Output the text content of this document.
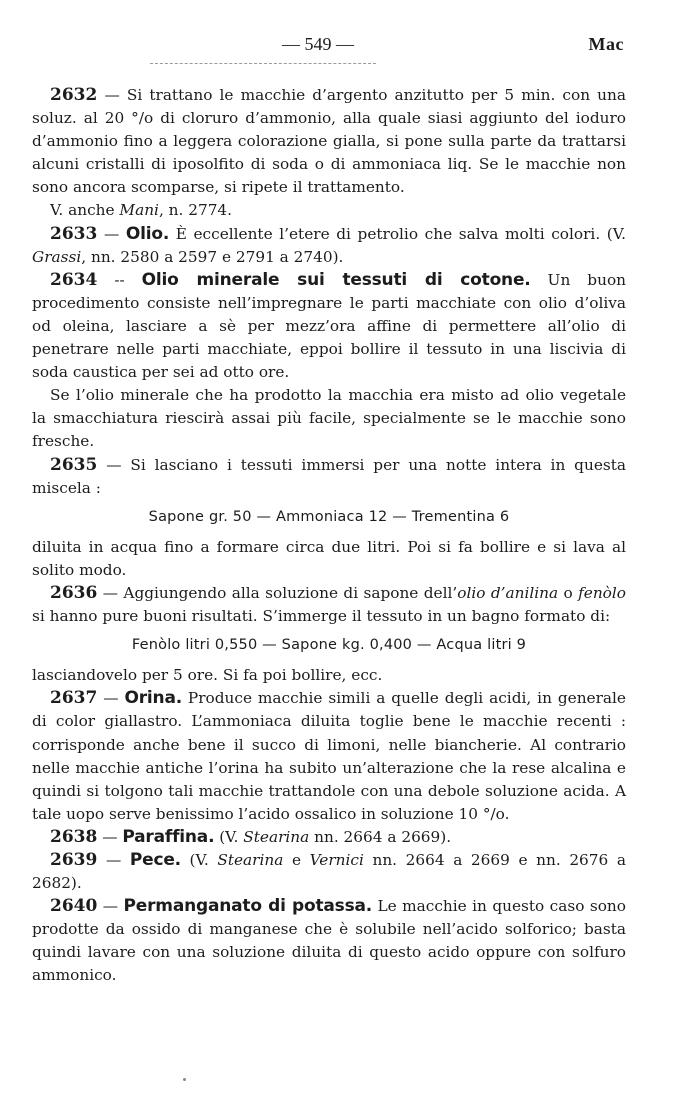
— 549 —	Mac

2632 — Si trattano le macchie d’argento anzitutto per 5 min. con una soluz. al 20 °/o di cloruro d’ammonio, alla quale siasi aggiunto del ioduro d’ammonio fino a leggera colorazione gialla, si pone sulla parte da trattarsi alcuni cristalli di iposolfito di soda o di ammoniaca liq. Se le macchie non sono ancora scomparse, si ripete il trattamento.

V. anche Mani, n. 2774.

2633 — Olio. È eccellente l’etere di petrolio che salva molti colori. (V. Grassi, nn. 2580 a 2597 e 2791 a 2740).

2634 -- Olio minerale sui tessuti di cotone. Un buon procedimento consiste nell’impregnare le parti macchiate con olio d’oliva od oleina, lasciare a sè per mezz’ora affine di permettere all’olio di penetrare nelle parti macchiate, eppoi bollire il tessuto in una liscivia di soda caustica per sei ad otto ore.

Se l’olio minerale che ha prodotto la macchia era misto ad olio vegetale la smacchiatura riescirà assai più facile, specialmente se le macchie sono fresche.

2635 — Si lasciano i tessuti immersi per una notte intera in questa miscela :

Sapone gr. 50 — Ammoniaca 12 — Trementina 6

diluita in acqua fino a formare circa due litri. Poi si fa bollire e si lava al solito modo.

2636 — Aggiungendo alla soluzione di sapone dell’olio d’anilina o fenòlo si hanno pure buoni risultati. S’immerge il tessuto in un bagno formato di:

Fenòlo litri 0,550 — Sapone kg. 0,400 — Acqua litri 9

lasciandovelo per 5 ore. Si fa poi bollire, ecc.

2637 — Orina. Produce macchie simili a quelle degli acidi, in generale di color giallastro. L’ammoniaca diluita toglie bene le macchie recenti : corrisponde anche bene il succo di limoni, nelle biancherie. Al contrario nelle macchie antiche l’orina ha subito un’alterazione che la rese alcalina e quindi si tolgono tali macchie trattandole con una debole soluzione acida. A tale uopo serve benissimo l’acido ossalico in soluzione 10 °/o.

2638 — Paraffina. (V. Stearina nn. 2664 a 2669).

2639 — Pece. (V. Stearina e Vernici nn. 2664 a 2669 e nn. 2676 a 2682).

2640 — Permanganato di potassa. Le macchie in questo caso sono prodotte da ossido di manganese che è solubile nell’acido solforico; basta quindi lavare con una soluzione diluita di questo acido oppure con solfuro ammonico.
